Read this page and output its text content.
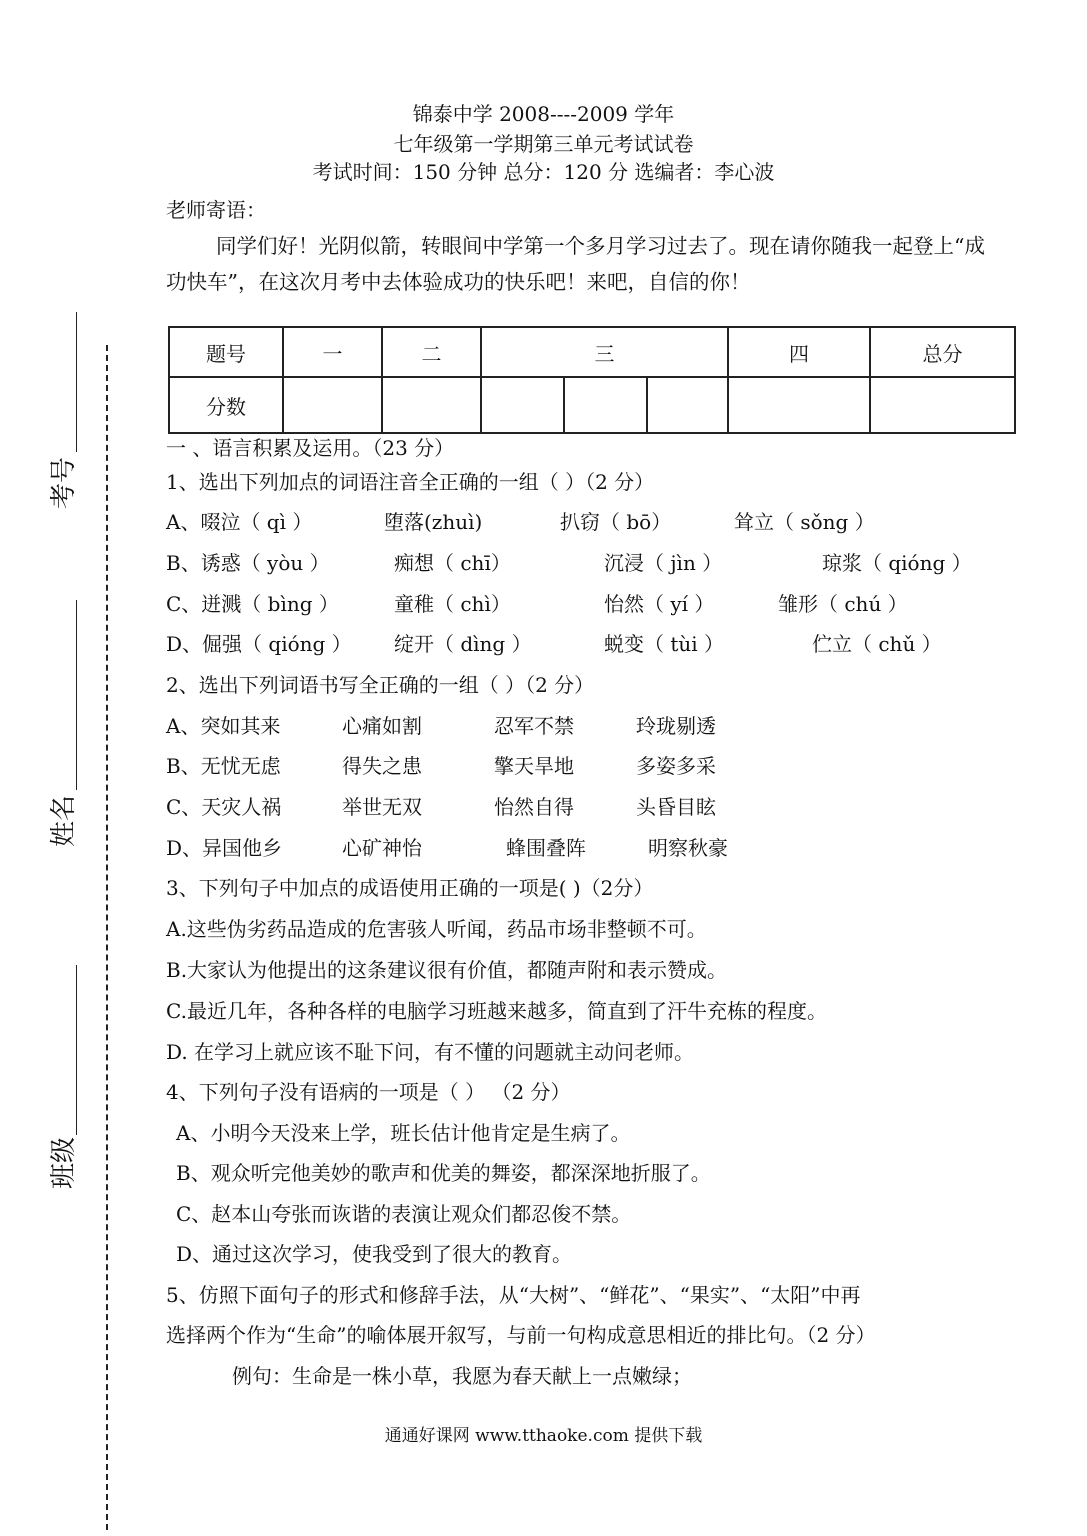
锦泰中学 2008----2009 学年
七年级第一学期第三单元考试试卷
考试时间：150 分钟 总分：120 分 选编者：李心波
老师寄语：
同学们好！光阴似箭，转眼间中学第一个多月学习过去了。现在请你随我一起登上“成
功快车”，在这次月考中去体验成功的快乐吧！来吧，自信的你！
考号
姓名
班级
题号	一	二	三			四	总分
分数							
一 、语言积累及运用。（23 分）
1、选出下列加点的词语注音全正确的一组（ ）（2 分）
A、啜泣（ qì ）	堕落(zhuì)	扒窃（ bō）	耸立（ sǒng ）
B、诱惑（ yòu ）	痴想（ chī）	沉浸（ jìn ）	琼浆（ qióng ）
C、迸溅（ bìng ）	童稚（ chì）	怡然（ yí ）	雏形（ chú ）
D、倔强（ qióng ） 绽开（ dìng ）	蜕变（ tùi ）	伫立（ chǔ ）
2、选出下列词语书写全正确的一组（ ）（2 分）
A、突如其来	心痛如割	忍军不禁	玲珑剔透
B、无忧无虑	得失之患	擎天旱地	多姿多采
C、天灾人祸	举世无双	怡然自得	头昏目眩
D、异国他乡	心矿神怡	蜂围叠阵	明察秋豪
3、下列句子中加点的成语使用正确的一项是( )（2分）
A.这些伪劣药品造成的危害骇人听闻，药品市场非整顿不可。
B.大家认为他提出的这条建议很有价值，都随声附和表示赞成。
C.最近几年，各种各样的电脑学习班越来越多，简直到了汗牛充栋的程度。
D. 在学习上就应该不耻下问，有不懂的问题就主动问老师。
4、下列句子没有语病的一项是（ ） （2 分）
A、小明今天没来上学，班长估计他肯定是生病了。
B、观众听完他美妙的歌声和优美的舞姿，都深深地折服了。
C、赵本山夸张而诙谐的表演让观众们都忍俊不禁。
D、通过这次学习，使我受到了很大的教育。
5、仿照下面句子的形式和修辞手法，从“大树”、“鲜花”、“果实”、“太阳”中再
选择两个作为“生命”的喻体展开叙写，与前一句构成意思相近的排比句。（2 分）
例句：生命是一株小草，我愿为春天献上一点嫩绿；
通通好课网 www.tthaoke.com 提供下载
